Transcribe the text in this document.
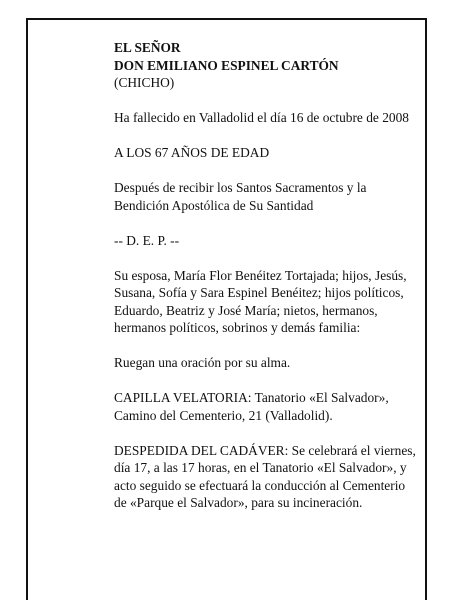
EL SEÑOR

DON EMILIANO ESPINEL CARTÓN

(CHICHO)

Ha fallecido en Valladolid el día 16 de octubre de 2008

A LOS 67 AÑOS DE EDAD

Después de recibir los Santos Sacramentos y la Bendición Apostólica de Su Santidad

-- D. E. P. --

Su esposa, María Flor Benéitez Tortajada; hijos, Jesús, Susana, Sofía y Sara Espinel Benéitez; hijos políticos, Eduardo, Beatriz y José María; nietos, hermanos, hermanos políticos, sobrinos y demás familia:

Ruegan una oración por su alma.

CAPILLA VELATORIA: Tanatorio «El Salvador», Camino del Cementerio, 21 (Valladolid).

DESPEDIDA DEL CADÁVER: Se celebrará el viernes, día 17, a las 17 horas, en el Tanatorio «El Salvador», y acto seguido se efectuará la conducción al Cementerio de «Parque el Salvador», para su incineración.
